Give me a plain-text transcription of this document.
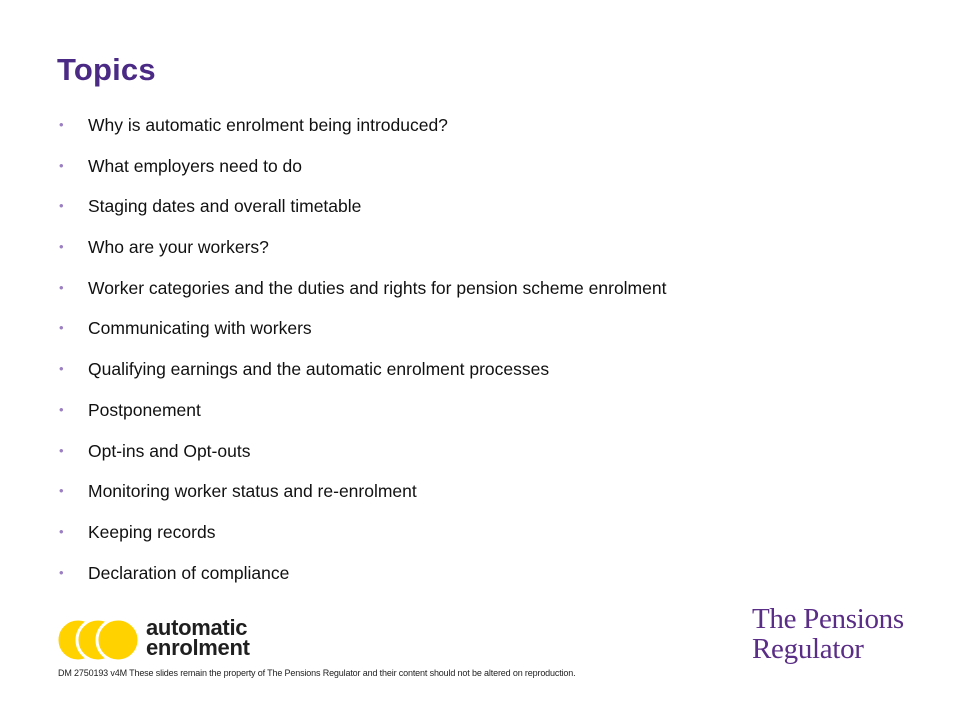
Topics
• Why is automatic enrolment being introduced?
• What employers need to do
• Staging dates and overall timetable
• Who are your workers?
• Worker categories and the duties and rights for pension scheme enrolment
• Communicating with workers
• Qualifying earnings and the automatic enrolment processes
• Postponement
• Opt-ins and Opt-outs
• Monitoring worker status and re-enrolment
• Keeping records
• Declaration of compliance
automatic
enrolment
The Pensions
Regulator
DM 2750193 v4M These slides remain the property of The Pensions Regulator and their content should not be altered on reproduction.
